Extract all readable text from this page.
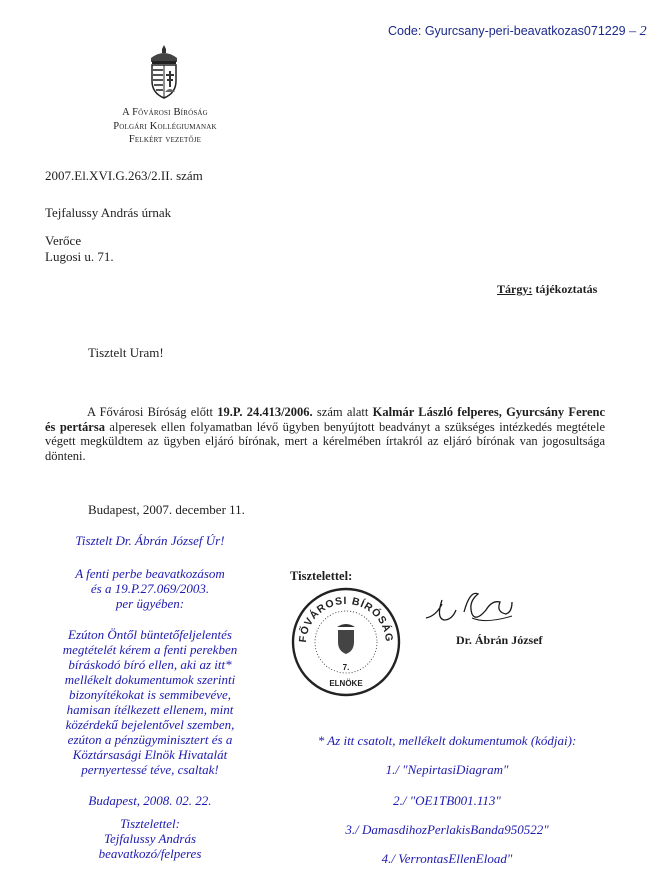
Code: Gyurcsany-peri-beavatkozas071229 – 2
A Fővárosi Bíróság
Polgári Kollégiumanak
Felkért vezetője
2007.El.XVI.G.263/2.II. szám
Tejfalussy András úrnak
Verőce
Lugosi u. 71.
Tárgy: tájékoztatás
Tisztelt Uram!

A Fővárosi Bíróság előtt 19.P. 24.413/2006. szám alatt Kalmár László felperes, Gyurcsány Ferenc és pertársa alperesek ellen folyamatban lévő ügyben benyújtott beadványt a szükséges intézkedés megtétele végett megküldtem az ügyben eljáró bírónak, mert a kérelmében írtakról az eljáró bírónak van jogosultsága dönteni.

Budapest, 2007. december 11.
Tisztelettel:
FŐVÁROSI BÍRÓSÁG
7.
ELNÖKE
Dr. Ábrán József
Tisztelt Dr. Ábrán József Úr!
A fenti perbe beavatkozásom
és a 19.P.27.069/2003.
per ügyében:
Ezúton Öntől büntetőfeljelentés
megtételét kérem a fenti perekben
bíráskodó bíró ellen, aki az itt*
mellékelt dokumentumok szerinti
bizonyítékokat is semmibevéve,
hamisan ítélkezett ellenem, mint
közérdekű bejelentővel szemben,
ezúton a pénzügyminisztert és a
Köztársasági Elnök Hivatalát
pernyertessé téve, csaltak!
Budapest, 2008. 02. 22.
Tisztelettel:
Tejfalussy András
beavatkozó/felperes
* Az itt csatolt, mellékelt dokumentumok (kódjai):
1./ "NepirtasiDiagram"
2./ "OE1TB001.113"
3./ DamasdihozPerlakisBanda950522"
4./ VerrontasEllenEload"
